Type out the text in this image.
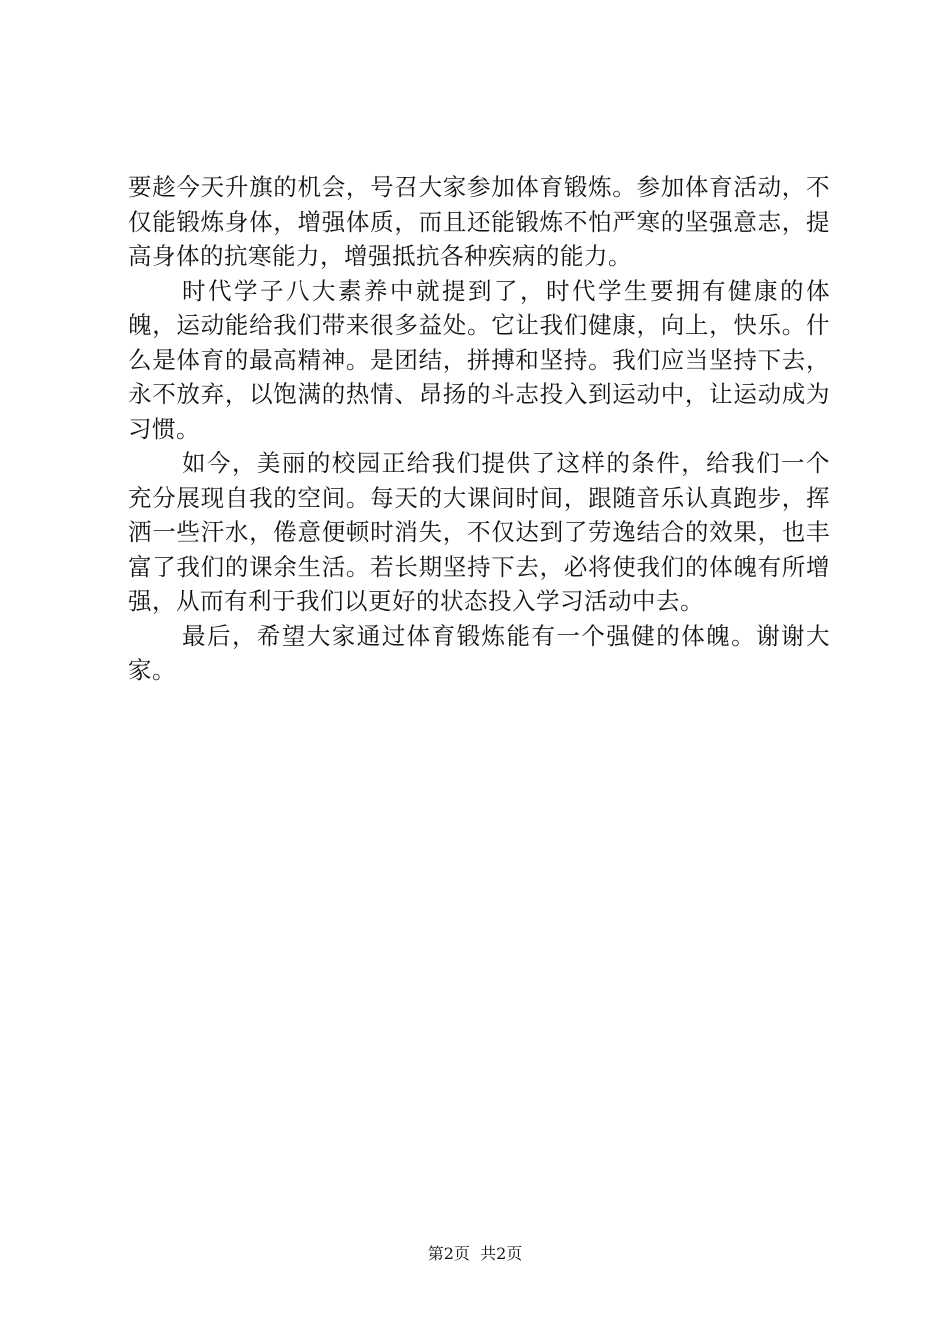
要趁今天升旗的机会，号召大家参加体育锻炼。参加体育活动，不仅能锻炼身体，增强体质，而且还能锻炼不怕严寒的坚强意志，提高身体的抗寒能力，增强抵抗各种疾病的能力。

时代学子八大素养中就提到了，时代学生要拥有健康的体魄，运动能给我们带来很多益处。它让我们健康，向上，快乐。什么是体育的最高精神。是团结，拼搏和坚持。我们应当坚持下去，永不放弃，以饱满的热情、昂扬的斗志投入到运动中，让运动成为习惯。

如今，美丽的校园正给我们提供了这样的条件，给我们一个充分展现自我的空间。每天的大课间时间，跟随音乐认真跑步，挥洒一些汗水，倦意便顿时消失，不仅达到了劳逸结合的效果，也丰富了我们的课余生活。若长期坚持下去，必将使我们的体魄有所增强，从而有利于我们以更好的状态投入学习活动中去。

最后，希望大家通过体育锻炼能有一个强健的体魄。谢谢大家。

第2页  共2页
